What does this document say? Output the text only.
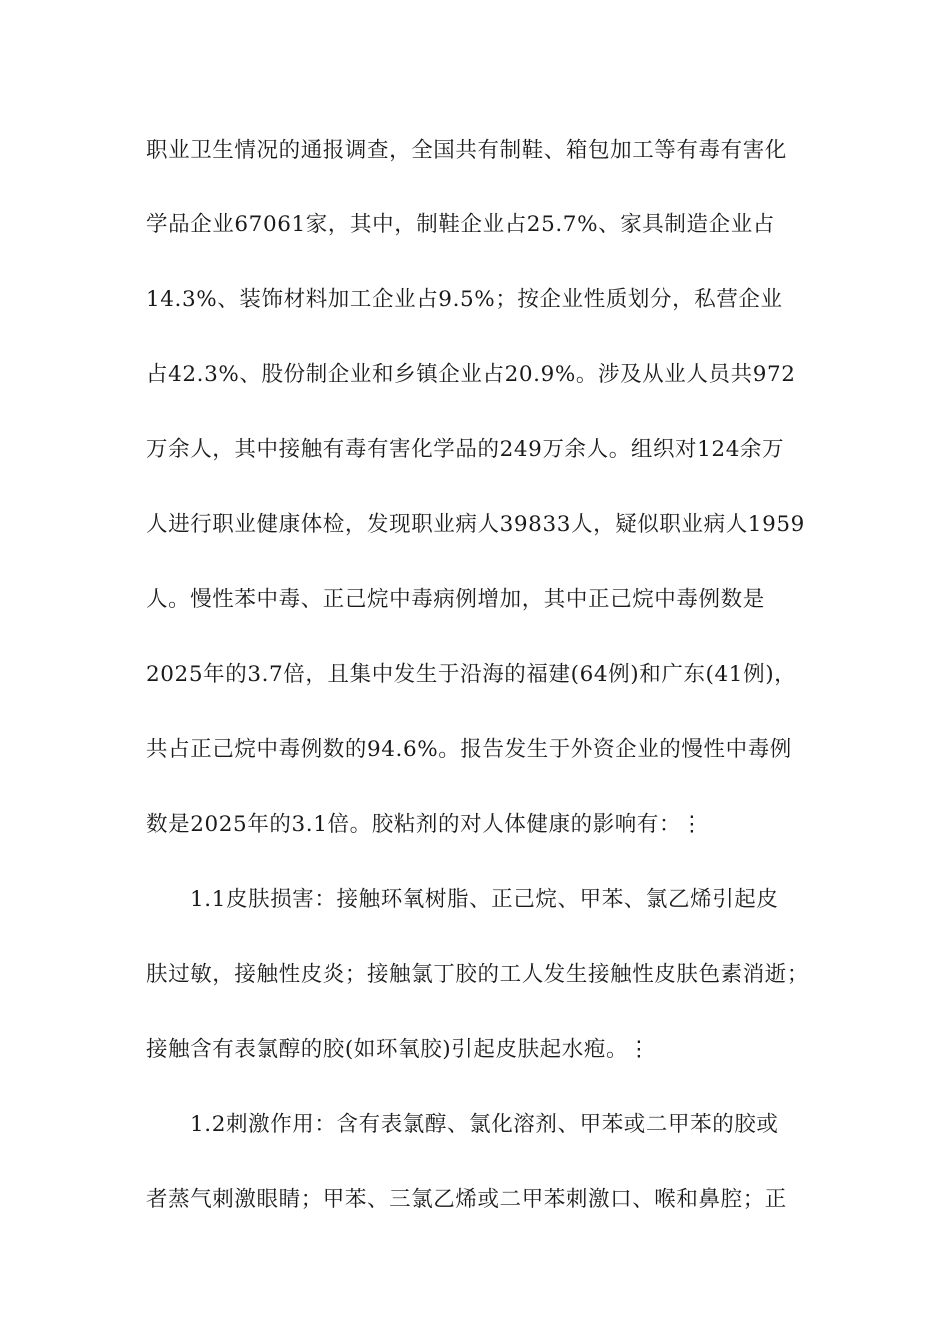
职业卫生情况的通报调查，全国共有制鞋、箱包加工等有毒有害化
学品企业67061家，其中，制鞋企业占25.7%、家具制造企业占
14.3%、装饰材料加工企业占9.5%；按企业性质划分，私营企业
占42.3%、股份制企业和乡镇企业占20.9%。涉及从业人员共972
万余人，其中接触有毒有害化学品的249万余人。组织对124余万
人进行职业健康体检，发现职业病人39833人，疑似职业病人1959
人。慢性苯中毒、正己烷中毒病例增加，其中正己烷中毒例数是
2025年的3.7倍，且集中发生于沿海的福建(64例)和广东(41例)，
共占正己烷中毒例数的94.6%。报告发生于外资企业的慢性中毒例
数是2025年的3.1倍。胶粘剂的对人体健康的影响有：⋮
1.1皮肤损害：接触环氧树脂、正己烷、甲苯、氯乙烯引起皮
肤过敏，接触性皮炎；接触氯丁胶的工人发生接触性皮肤色素消逝；
接触含有表氯醇的胶(如环氧胶)引起皮肤起水疱。⋮
1.2刺激作用：含有表氯醇、氯化溶剂、甲苯或二甲苯的胶或
者蒸气刺激眼睛；甲苯、三氯乙烯或二甲苯刺激口、喉和鼻腔；正
